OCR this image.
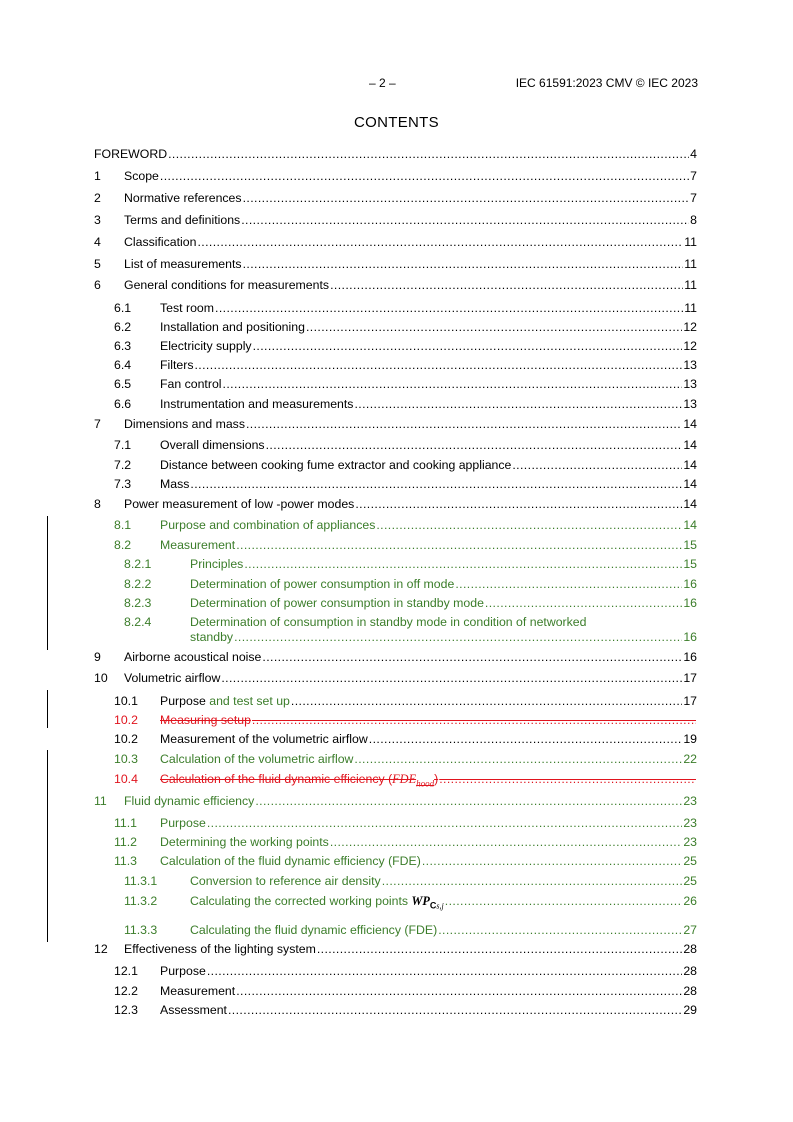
– 2 –	IEC 61591:2023 CMV © IEC 2023
CONTENTS
FOREWORD .....	4
1 Scope .....	7
2 Normative references .....	7
3 Terms and definitions .....	8
4 Classification .....	11
5 List of measurements .....	11
6 General conditions for measurements .....	11
6.1 Test room .....	11
6.2 Installation and positioning .....	12
6.3 Electricity supply .....	12
6.4 Filters .....	13
6.5 Fan control .....	13
6.6 Instrumentation and measurements .....	13
7 Dimensions and mass .....	14
7.1 Overall dimensions .....	14
7.2 Distance between cooking fume extractor and cooking appliance .....	14
7.3 Mass .....	14
8 Power measurement of low -power modes .....	14
8.1 Purpose and combination of appliances .....	14
8.2 Measurement .....	15
8.2.1	Principles .....	15
8.2.2	Determination of power consumption in off mode .....	16
8.2.3	Determination of power consumption in standby mode .....	16
8.2.4	Determination of consumption in standby mode in condition of networked
standby .....	16
9 Airborne acoustical noise .....	16
10 Volumetric airflow .....	17
10.1 Purpose and test set up .....	17
10.2 Measuring setup
.....
10.2 Measurement of the volumetric airflow .....	19
10.3 Calculation of the volumetric airflow .....	22
10.4 Calculation of the fluid dynamic efficiency $(FDE_{hood})$
.....
11 Fluid dynamic efficiency .....	23
11.1 Purpose .....	23
11.2 Determining the working points .....	23
11.3 Calculation of the fluid dynamic efficiency (FDE) .....	25
11.3.1	Conversion to reference air density .....	25
11.3.2	Calculating the corrected working points $WP_{Cs,j}$ .....	26
11.3.3	Calculating the fluid dynamic efficiency (FDE) .....	27
12 Effectiveness of the lighting system .....	28
12.1 Purpose .....	28
12.2 Measurement .....	28
12.3 Assessment .....	29
